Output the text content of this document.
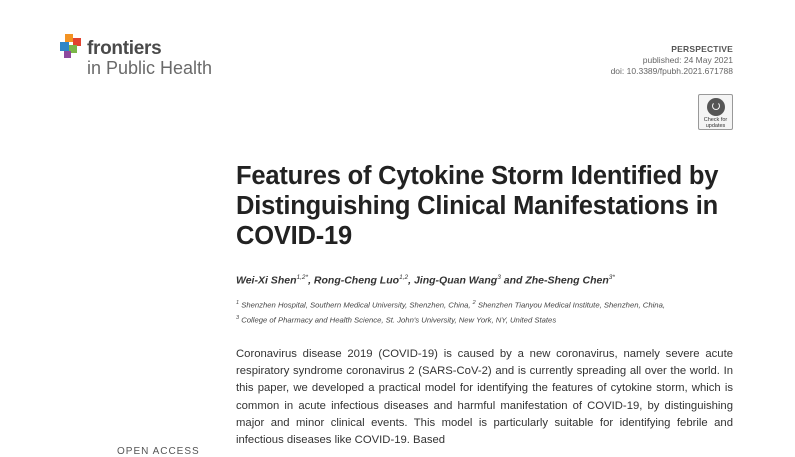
frontiers
in Public Health
PERSPECTIVE
published: 24 May 2021
doi: 10.3389/fpubh.2021.671788
Check for
updates
Features of Cytokine Storm Identified by Distinguishing Clinical Manifestations in COVID-19
Wei-Xi Shen$^{1,2*}$, Rong-Cheng Luo$^{1,2}$, Jing-Quan Wang$^3$ and Zhe-Sheng Chen$^{3*}$
$^1$ Shenzhen Hospital, Southern Medical University, Shenzhen, China, $^2$ Shenzhen Tianyou Medical Institute, Shenzhen, China,
$^3$ College of Pharmacy and Health Science, St. John's University, New York, NY, United States

Coronavirus disease 2019 (COVID-19) is caused by a new coronavirus, namely severe acute respiratory syndrome coronavirus 2 (SARS-CoV-2) and is currently spreading all over the world. In this paper, we developed a practical model for identifying the features of cytokine storm, which is common in acute infectious diseases and harmful manifestation of COVID-19, by distinguishing major and minor clinical events. This model is particularly suitable for identifying febrile and infectious diseases like COVID-19. Based

OPEN ACCESS
